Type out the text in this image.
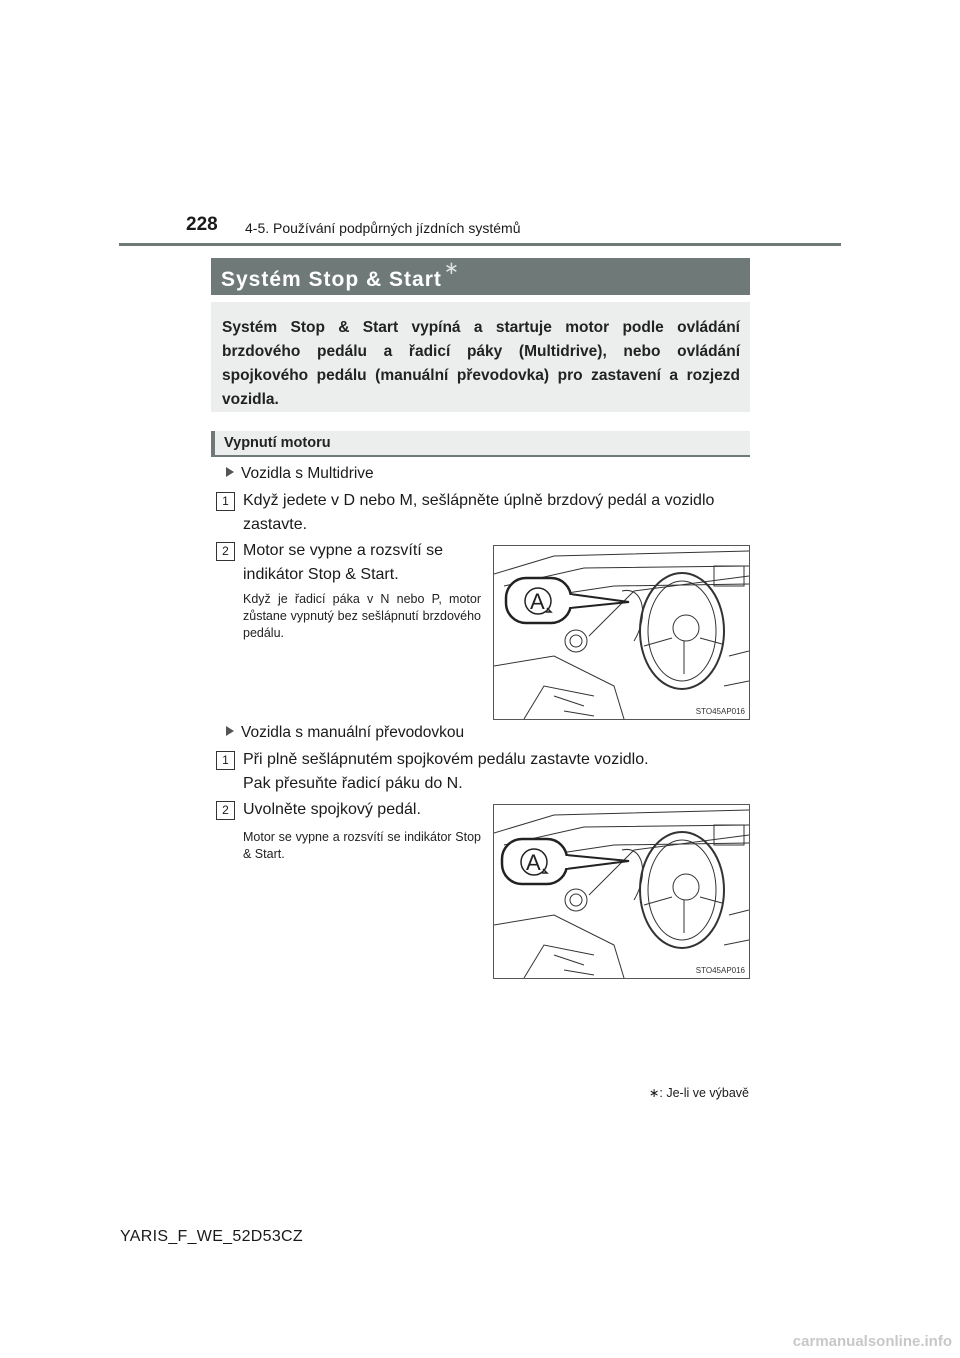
228 4-5. Používání podpůrných jízdních systémů
Systém Stop & Start ∗
Systém Stop & Start vypíná a startuje motor podle ovládání brzdového pedálu a řadicí páky (Multidrive), nebo ovládání spojkového pedálu (manuální převodovka) pro zastavení a rozjezd vozidla.
Vypnutí motoru
Vozidla s Multidrive
1 Když jedete v D nebo M, sešlápněte úplně brzdový pedál a vozidlo zastavte.
2 Motor se vypne a rozsvítí se indikátor Stop & Start.
Když je řadicí páka v N nebo P, motor zůstane vypnutý bez sešlápnutí brzdového pedálu.
A
STO45AP016
Vozidla s manuální převodovkou
1 Při plně sešlápnutém spojkovém pedálu zastavte vozidlo.
Pak přesuňte řadicí páku do N.
2 Uvolněte spojkový pedál.
Motor se vypne a rozsvítí se indikátor Stop & Start.	A
STO45AP016
∗: Je-li ve výbavě
YARIS_F_WE_52D53CZ
carmanualsonline.info
